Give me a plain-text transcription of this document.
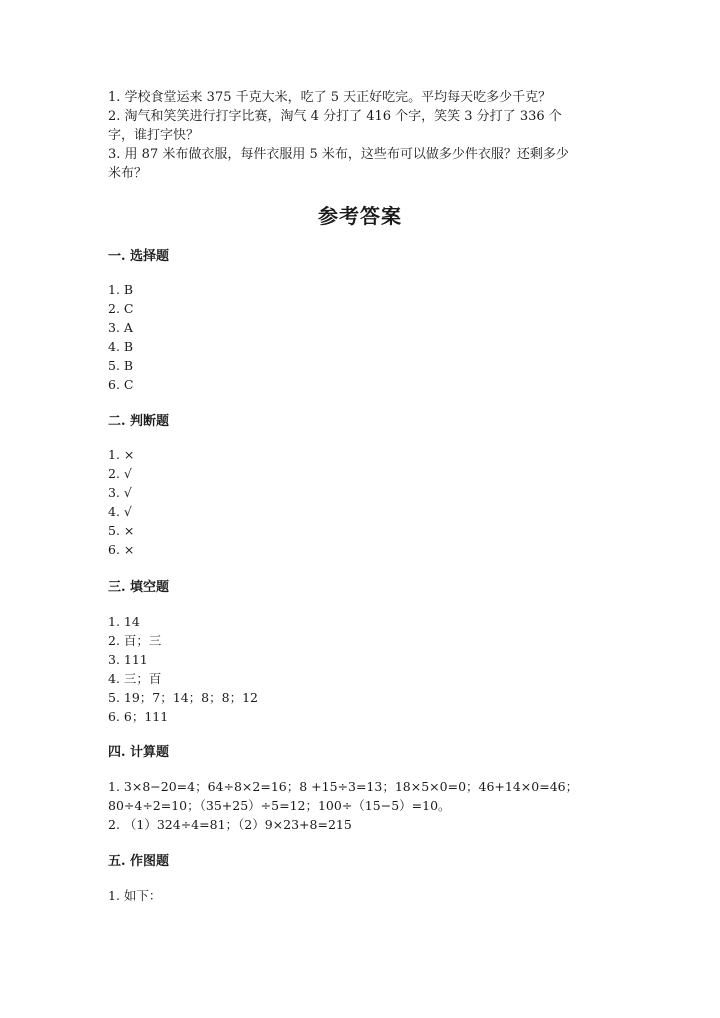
1. 学校食堂运来 375 千克大米，吃了 5 天正好吃完。平均每天吃多少千克？
2. 淘气和笑笑进行打字比赛，淘气 4 分打了 416 个字，笑笑 3 分打了 336 个
字，谁打字快？
3. 用 87 米布做衣服，每件衣服用 5 米布，这些布可以做多少件衣服？还剩多少
米布？
参考答案
一. 选择题
1. B
2. C
3. A
4. B
5. B
6. C
二. 判断题
1. ×
2. √
3. √
4. √
5. ×
6. ×
三. 填空题
1. 14
2. 百；三
3. 111
4. 三；百
5. 19；7；14；8；8；12
6. 6；111
四. 计算题
1. 3×8−20=4；64÷8×2=16；8 +15÷3=13；18×5×0=0；46+14×0=46；
80÷4÷2=10；（35+25）÷5=12；100÷（15−5）=10。
2. （1）324÷4=81；（2）9×23+8=215
五. 作图题
1. 如下：
